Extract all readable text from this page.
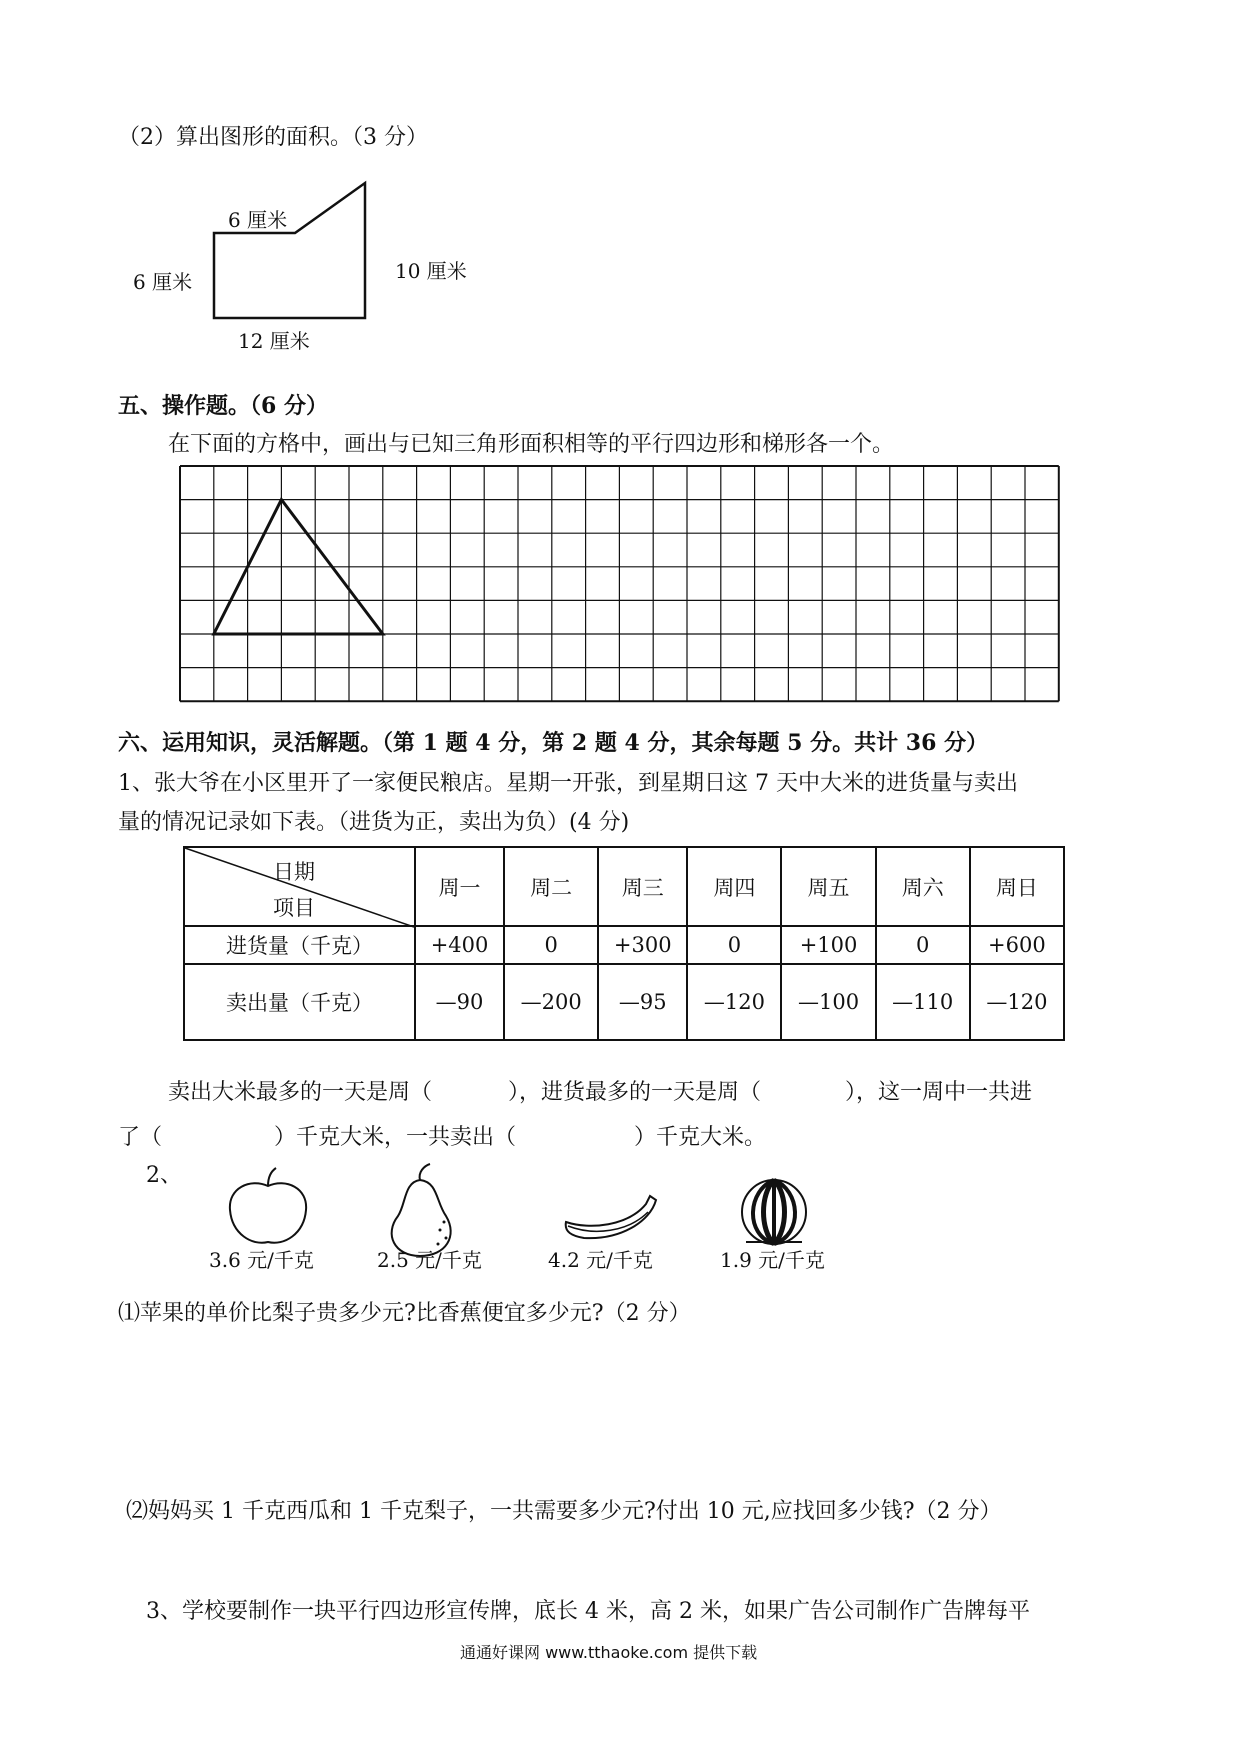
（2）算出图形的面积。（3 分）
6 厘米
6 厘米	10 厘米
12 厘米
五、操作题。（6 分）
在下面的方格中，画出与已知三角形面积相等的平行四边形和梯形各一个。
六、运用知识，灵活解题。（第 1 题 4 分，第 2 题 4 分，其余每题 5 分。共计 36 分）
1、张大爷在小区里开了一家便民粮店。星期一开张，到星期日这 7 天中大米的进货量与卖出
量的情况记录如下表。（进货为正，卖出为负）(4 分)
日期
项目	周一	周二	周三	周四	周五	周六	周日
进货量（千克）	+400	0	+300	0	+100	0	+600
卖出量（千克）	—90	—200	—95	—120	—100	—110	—120
卖出大米最多的一天是周（	），进货最多的一天是周（	），这一周中一共进
了（	）千克大米，一共卖出（	）千克大米。
2、
3.6 元/千克	2.5 元/千克	4.2 元/千克	1.9 元/千克
⑴苹果的单价比梨子贵多少元?比香蕉便宜多少元?（2 分）
⑵妈妈买 1 千克西瓜和 1 千克梨子，一共需要多少元?付出 10 元,应找回多少钱?（2 分）
3、学校要制作一块平行四边形宣传牌，底长 4 米，高 2 米，如果广告公司制作广告牌每平
通通好课网 www.tthaoke.com 提供下载
